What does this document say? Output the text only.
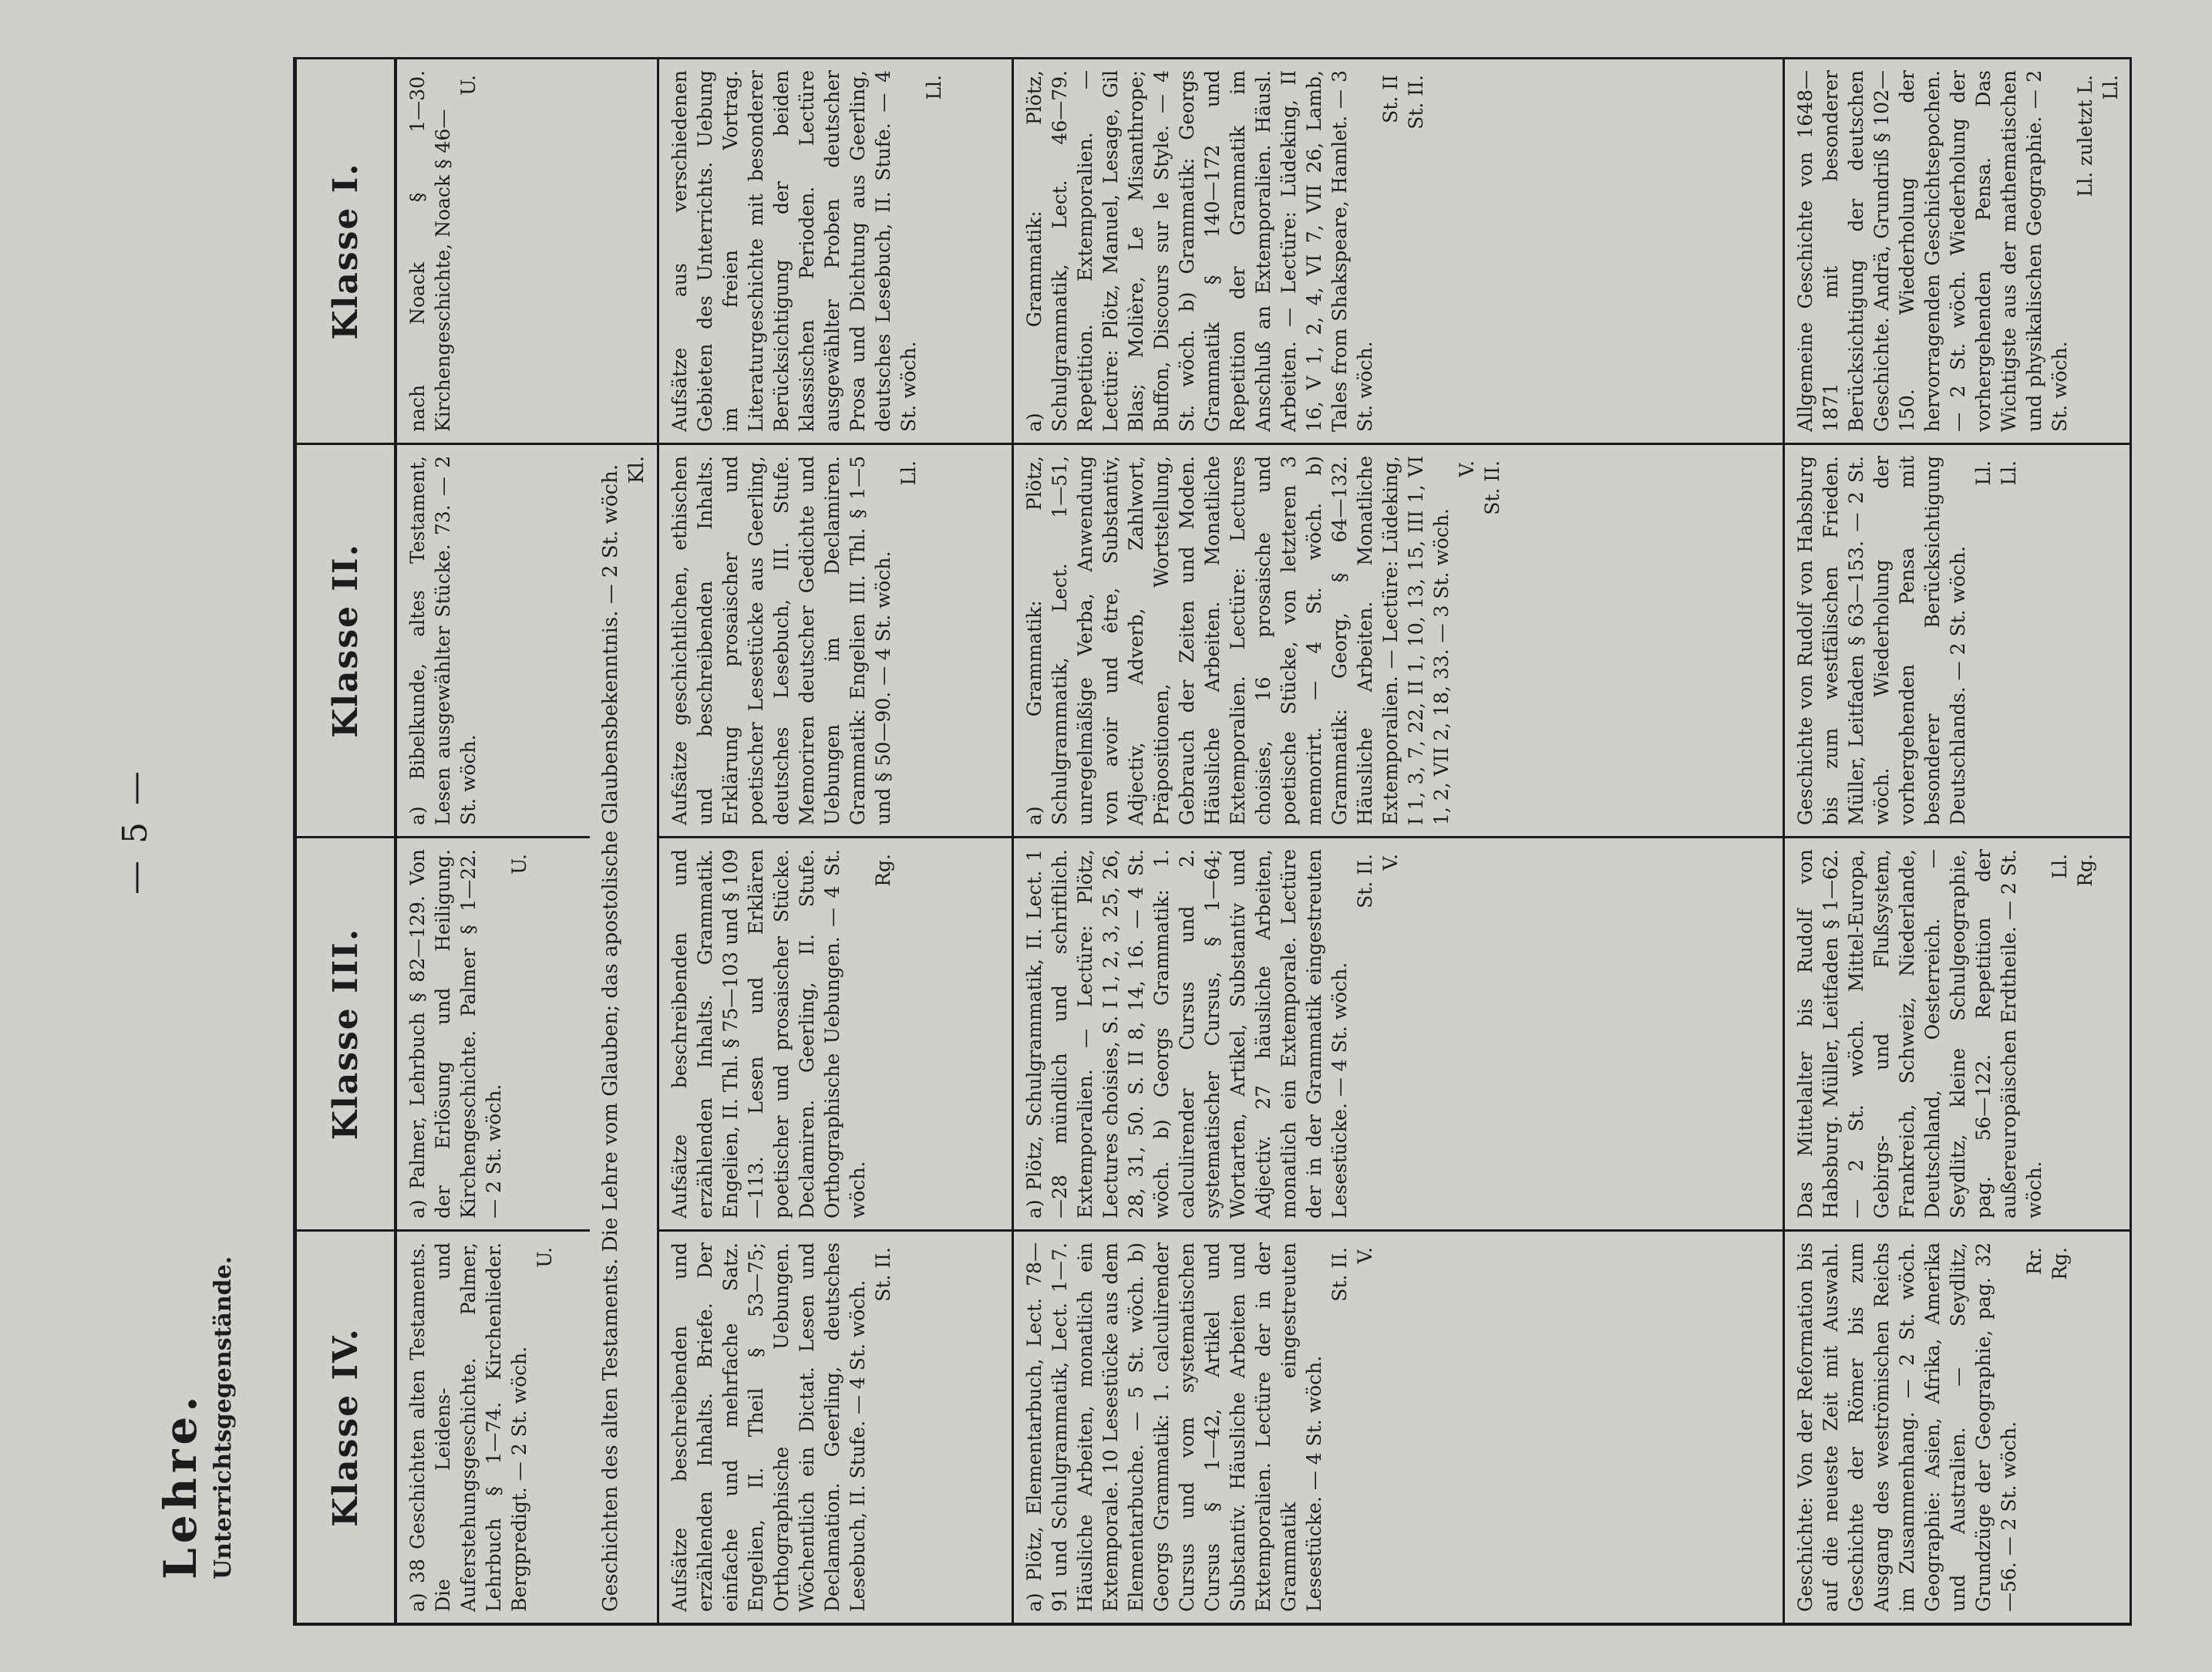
— 5 —
Lehre. Unterrichtsgegenstände.	Klasse IV.
Klasse III.
Klasse II.
Klasse I.
a) 38 Geschichten alten Testaments. Die Leidens- und Auferstehungsgeschichte. Palmer, Lehrbuch § 1—74. Kirchenlieder. Bergpredigt. — 2 St. wöch.
U.
a) Palmer, Lehrbuch § 82—129. Von der Erlösung und Heiligung. Kirchengeschichte. Palmer § 1—22. — 2 St. wöch.
U.
a) Bibelkunde, altes Testament, Lesen ausgewählter Stücke. 73. — 2 St. wöch.
nach Noack § 1—30. Kirchengeschichte, Noack § 46—
U.
Geschichten des alten Testaments. Die Lehre vom Glauben; das apostolische Glaubensbekenntnis. — 2 St. wöch. Kl.
Aufsätze beschreibenden und erzählenden Inhalts. Briefe. Der einfache und mehrfache Satz. Engelien, II. Theil § 53—75; Orthographische Uebungen. Wöchentlich ein Dictat. Lesen und Declamation. Geerling, deutsches Lesebuch, II. Stufe. — 4 St. wöch.
St. II.
Aufsätze beschreibenden und erzählenden Inhalts. Grammatik. Engelien, II. Thl. § 75—103 und § 109—113. Lesen und Erklären poetischer und prosaischer Stücke. Declamiren. Geerling, II. Stufe. Orthographische Uebungen. — 4 St. wöch.
Rg.
Aufsätze geschichtlichen, ethischen und beschreibenden Inhalts. Erklärung prosaischer und poetischer Lesestücke aus Geerling, deutsches Lesebuch, III. Stufe. Memoriren deutscher Gedichte und Uebungen im Declamiren. Grammatik: Engelien III. Thl. § 1—5 und § 50—90. — 4 St. wöch.
Ll.
Aufsätze aus verschiedenen Gebieten des Unterrichts. Uebung im freien Vortrag. Literaturgeschichte mit besonderer Berücksichtigung der beiden klassischen Perioden. Lectüre ausgewählter Proben deutscher Prosa und Dichtung aus Geerling, deutsches Lesebuch, II. Stufe. — 4 St. wöch.
Ll.
a) Plötz, Elementarbuch, Lect. 78—91 und Schulgrammatik, Lect. 1—7. Häusliche Arbeiten, monatlich ein Extemporale. 10 Lesestücke aus dem Elementarbuche. — 5 St. wöch. b) Georgs Grammatik: 1. calculirender Cursus und vom systematischen Cursus § 1—42, Artikel und Substantiv. Häusliche Arbeiten und Extemporalien. Lectüre der in der Grammatik eingestreuten Lesestücke. — 4 St. wöch.
St. II. V.
a) Plötz, Schulgrammatik, II. Lect. 1—28 mündlich und schriftlich. Extemporalien. — Lectüre: Plötz, Lectures choisies, S. I 1, 2, 3, 25, 26, 28, 31, 50. S. II 8, 14, 16. — 4 St. wöch. b) Georgs Grammatik: 1. calculirender Cursus und 2. systematischer Cursus, § 1—64; Wortarten, Artikel, Substantiv und Adjectiv. 27 häusliche Arbeiten, monatlich ein Extemporale. Lectüre der in der Grammatik eingestreuten Lesestücke. — 4 St. wöch.
St. II. V.
a) Grammatik: Plötz, Schulgrammatik, Lect. 1—51, unregelmäßige Verba, Anwendung von avoir und être, Substantiv, Adjectiv, Adverb, Zahlwort, Präpositionen, Wortstellung, Gebrauch der Zeiten und Moden. Häusliche Arbeiten. Monatliche Extemporalien. Lectüre: Lectures choisies, 16 prosaische und poetische Stücke, von letzteren 3 memorirt. — 4 St. wöch. b) Grammatik: Georg, § 64—132. Häusliche Arbeiten. Monatliche Extemporalien. — Lectüre: Lüdeking, I 1, 3, 7, 22, II 1, 10, 13, 15, III 1, VI 1, 2, VII 2, 18, 33. — 3 St. wöch.
V. St. II.
a) Grammatik: Plötz, Schulgrammatik, Lect. 46—79. Repetition. Extemporalien. — Lectüre: Plötz, Manuel, Lesage, Gil Blas; Molière, Le Misanthrope; Buffon, Discours sur le Style. — 4 St. wöch. b) Grammatik: Georgs Grammatik § 140—172 und Repetition der Grammatik im Anschluß an Extemporalien. Häusl. Arbeiten. — Lectüre: Lüdeking, II 16, V 1, 2, 4, VI 7, VII 26, Lamb, Tales from Shakspeare, Hamlet. — 3 St. wöch.
St. II St. II.
Geschichte: Von der Reformation bis auf die neueste Zeit mit Auswahl. Geschichte der Römer bis zum Ausgang des weströmischen Reichs im Zusammenhang. — 2 St. wöch. Geographie: Asien, Afrika, Amerika und Australien. — Seydlitz, Grundzüge der Geographie, pag. 32—56. — 2 St. wöch.
Rr. Rg.
Das Mittelalter bis Rudolf von Habsburg. Müller, Leitfaden § 1—62. — 2 St. wöch. Mittel-Europa, Gebirgs- und Flußsystem, Frankreich, Schweiz, Niederlande, Deutschland, Oesterreich. — Seydlitz, kleine Schulgeographie, pag. 56—122. Repetition der außereuropäischen Erdtheile. — 2 St. wöch.
Ll. Rg.
Geschichte von Rudolf von Habsburg bis zum westfälischen Frieden. Müller, Leitfaden § 63—153. — 2 St. wöch. Wiederholung der vorhergehenden Pensa mit besonderer Berücksichtigung Deutschlands. — 2 St. wöch.
Ll. Ll.
Allgemeine Geschichte von 1648—1871 mit besonderer Berücksichtigung der deutschen Geschichte. Andrä, Grundriß § 102—150. Wiederholung der hervorragenden Geschichtsepochen. — 2 St. wöch. Wiederholung der vorhergehenden Pensa. Das Wichtigste aus der mathematischen und physikalischen Geographie. — 2 St. wöch.
Ll. zuletzt L. Ll.
